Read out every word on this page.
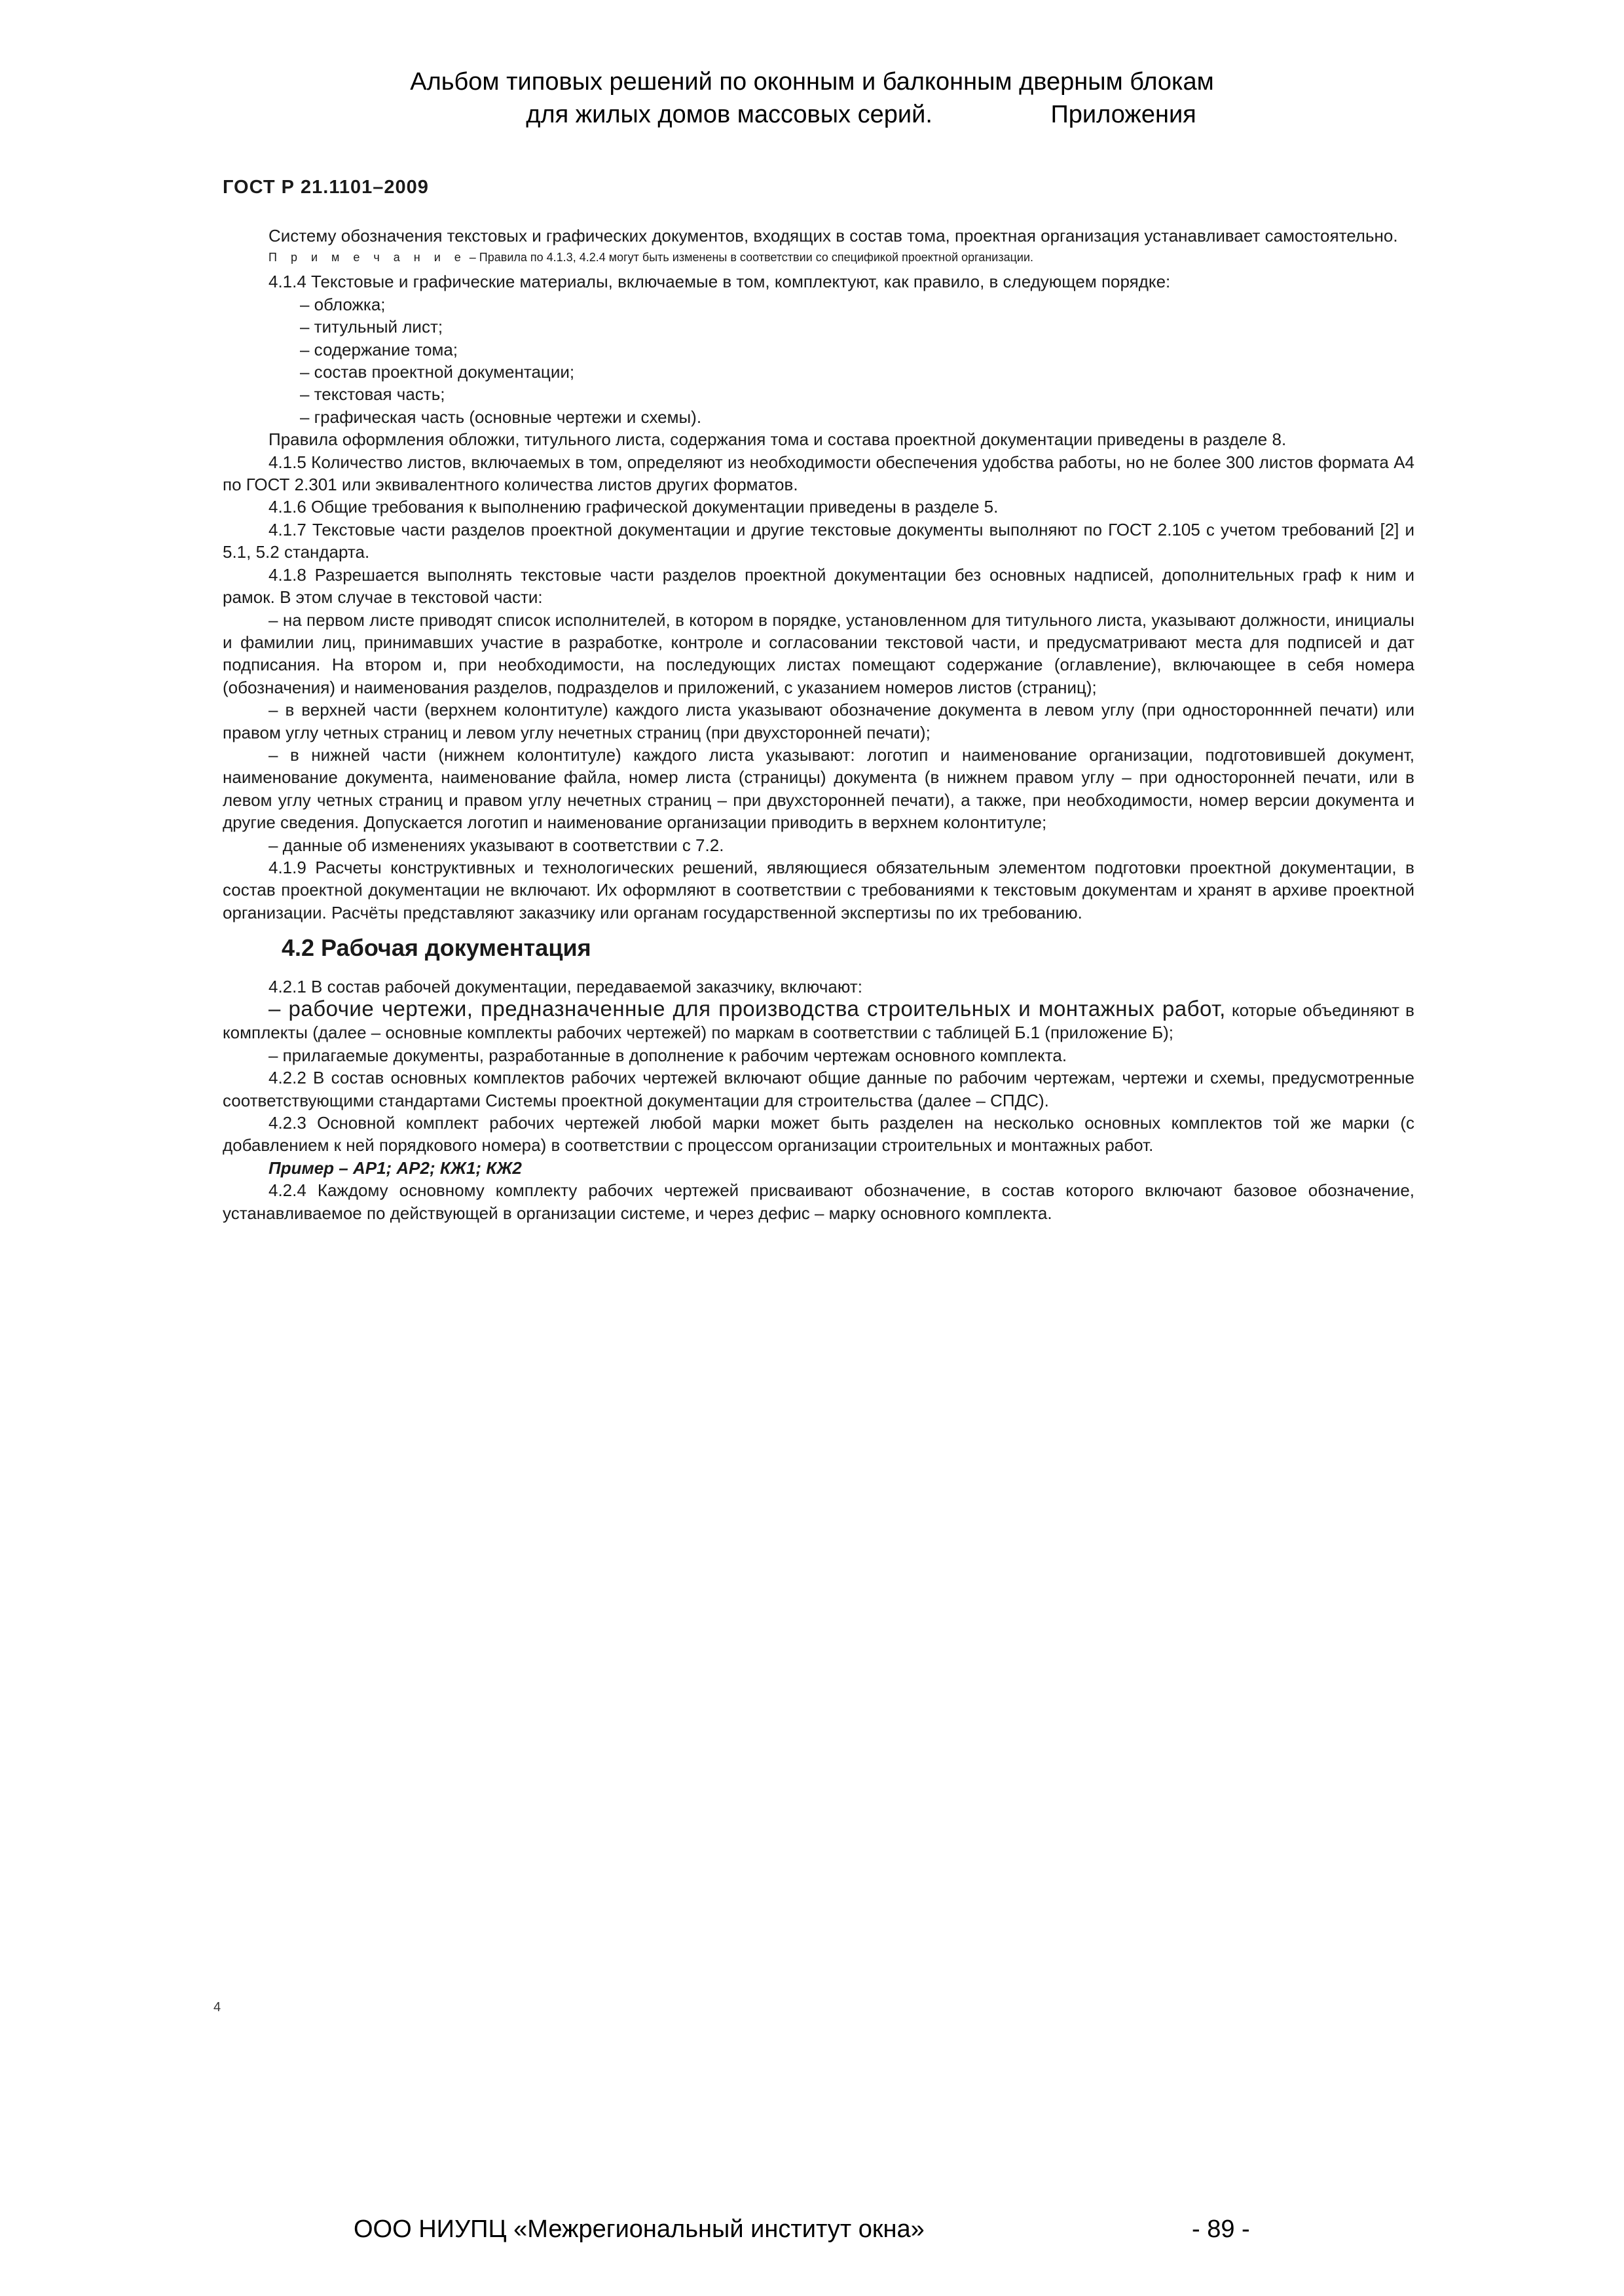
Альбом типовых решений по оконным и балконным дверным блокам
для жилых домов массовых серий.	Приложения
ГОСТ Р 21.1101–2009

Систему обозначения текстовых и графических документов, входящих в состав тома, проектная организация устанавливает самостоятельно.

П р и м е ч а н и е – Правила по 4.1.3, 4.2.4 могут быть изменены в соответствии со спецификой проектной организации.

4.1.4 Текстовые и графические материалы, включаемые в том, комплектуют, как правило, в следующем порядке:

– обложка;

– титульный лист;

– содержание тома;

– состав проектной документации;

– текстовая часть;

– графическая часть (основные чертежи и схемы).

Правила оформления обложки, титульного листа, содержания тома и состава проектной документации приведены в разделе 8.

4.1.5 Количество листов, включаемых в том, определяют из необходимости обеспечения удобства работы, но не более 300 листов формата А4 по ГОСТ 2.301 или эквивалентного количества листов других форматов.

4.1.6 Общие требования к выполнению графической документации приведены в разделе 5.

4.1.7 Текстовые части разделов проектной документации и другие текстовые документы выполняют по ГОСТ 2.105 с учетом требований [2] и 5.1, 5.2 стандарта.

4.1.8 Разрешается выполнять текстовые части разделов проектной документации без основных надписей, дополнительных граф к ним и рамок. В этом случае в текстовой части:

– на первом листе приводят список исполнителей, в котором в порядке, установленном для титульного листа, указывают должности, инициалы и фамилии лиц, принимавших участие в разработке, контроле и согласовании текстовой части, и предусматривают места для подписей и дат подписания. На втором и, при необходимости, на последующих листах помещают содержание (оглавление), включающее в себя номера (обозначения) и наименования разделов, подразделов и приложений, с указанием номеров листов (страниц);

– в верхней части (верхнем колонтитуле) каждого листа указывают обозначение документа в левом углу (при одностороннней печати) или правом углу четных страниц и левом углу нечетных страниц (при двухсторонней печати);

– в нижней части (нижнем колонтитуле) каждого листа указывают: логотип и наименование организации, подготовившей документ, наименование документа, наименование файла, номер листа (страницы) документа (в нижнем правом углу – при односторонней печати, или в левом углу четных страниц и правом углу нечетных страниц – при двухсторонней печати), а также, при необходимости, номер версии документа и другие сведения. Допускается логотип и наименование организации приводить в верхнем колонтитуле;

– данные об изменениях указывают в соответствии с 7.2.

4.1.9 Расчеты конструктивных и технологических решений, являющиеся обязательным элементом подготовки проектной документации, в состав проектной документации не включают. Их оформляют в соответствии с требованиями к текстовым документам и хранят в архиве проектной организации. Расчёты представляют заказчику или органам государственной экспертизы по их требованию.

4.2 Рабочая документация

4.2.1 В состав рабочей документации, передаваемой заказчику, включают:

– рабочие чертежи, предназначенные для производства строительных и монтажных работ, которые объединяют в комплекты (далее – основные комплекты рабочих чертежей) по маркам в соответствии с таблицей Б.1 (приложение Б);

– прилагаемые документы, разработанные в дополнение к рабочим чертежам основного комплекта.

4.2.2 В состав основных комплектов рабочих чертежей включают общие данные по рабочим чертежам, чертежи и схемы, предусмотренные соответствующими стандартами Системы проектной документации для строительства (далее – СПДС).

4.2.3 Основной комплект рабочих чертежей любой марки может быть разделен на несколько основных комплектов той же марки (с добавлением к ней порядкового номера) в соответствии с процессом организации строительных и монтажных работ.

Пример – АР1; АР2; КЖ1; КЖ2

4.2.4 Каждому основному комплекту рабочих чертежей присваивают обозначение, в состав которого включают базовое обозначение, устанавливаемое по действующей в организации системе, и через дефис – марку основного комплекта.

4
ООО НИУПЦ «Межрегиональный институт окна»	- 89 -
